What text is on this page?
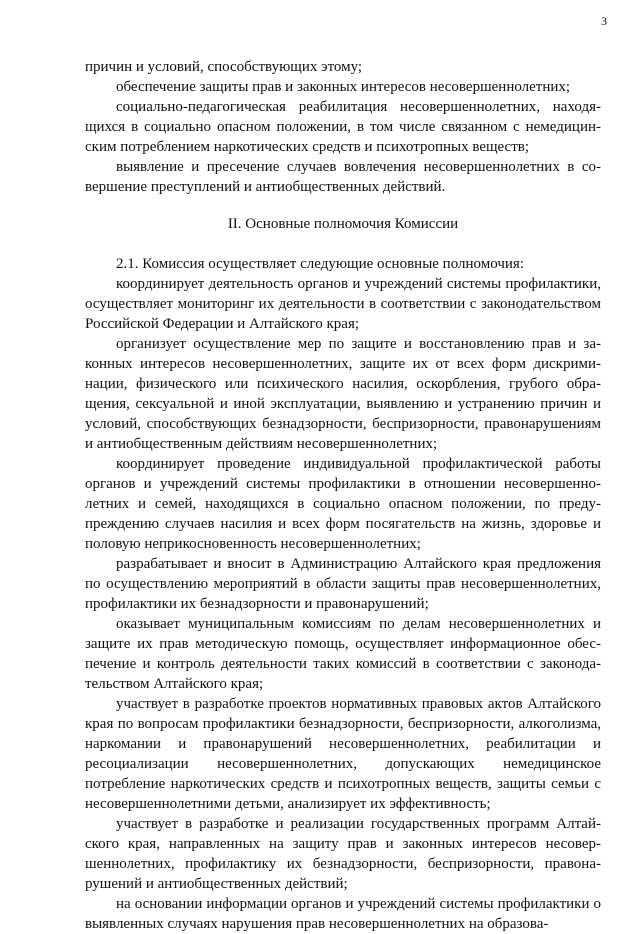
3

причин и условий, способствующих этому;

обеспечение защиты прав и законных интересов несовершеннолетних;

социально-педагогическая реабилитация несовершеннолетних, находящихся в социально опасном положении, в том числе связанном с немедицинским потреблением наркотических средств и психотропных веществ;

выявление и пресечение случаев вовлечения несовершеннолетних в совершение преступлений и антиобщественных действий.

II. Основные полномочия Комиссии

2.1. Комиссия осуществляет следующие основные полномочия:

координирует деятельность органов и учреждений системы профилактики, осуществляет мониторинг их деятельности в соответствии с законодательством Российской Федерации и Алтайского края;

организует осуществление мер по защите и восстановлению прав и законных интересов несовершеннолетних, защите их от всех форм дискриминации, физического или психического насилия, оскорбления, грубого обращения, сексуальной и иной эксплуатации, выявлению и устранению причин и условий, способствующих безнадзорности, беспризорности, правонарушениям и антиобщественным действиям несовершеннолетних;

координирует проведение индивидуальной профилактической работы органов и учреждений системы профилактики в отношении несовершеннолетних и семей, находящихся в социально опасном положении, по предупреждению случаев насилия и всех форм посягательств на жизнь, здоровье и половую неприкосновенность несовершеннолетних;

разрабатывает и вносит в Администрацию Алтайского края предложения по осуществлению мероприятий в области защиты прав несовершеннолетних, профилактики их безнадзорности и правонарушений;

оказывает муниципальным комиссиям по делам несовершеннолетних и защите их прав методическую помощь, осуществляет информационное обеспечение и контроль деятельности таких комиссий в соответствии с законодательством Алтайского края;

участвует в разработке проектов нормативных правовых актов Алтайского края по вопросам профилактики безнадзорности, беспризорности, алкоголизма, наркомании и правонарушений несовершеннолетних, реабилитации и ресоциализации несовершеннолетних, допускающих немедицинское потребление наркотических средств и психотропных веществ, защиты семьи с несовершеннолетними детьми, анализирует их эффективность;

участвует в разработке и реализации государственных программ Алтайского края, направленных на защиту прав и законных интересов несовершеннолетних, профилактику их безнадзорности, беспризорности, правонарушений и антиобщественных действий;

на основании информации органов и учреждений системы профилактики о выявленных случаях нарушения прав несовершеннолетних на образова-
